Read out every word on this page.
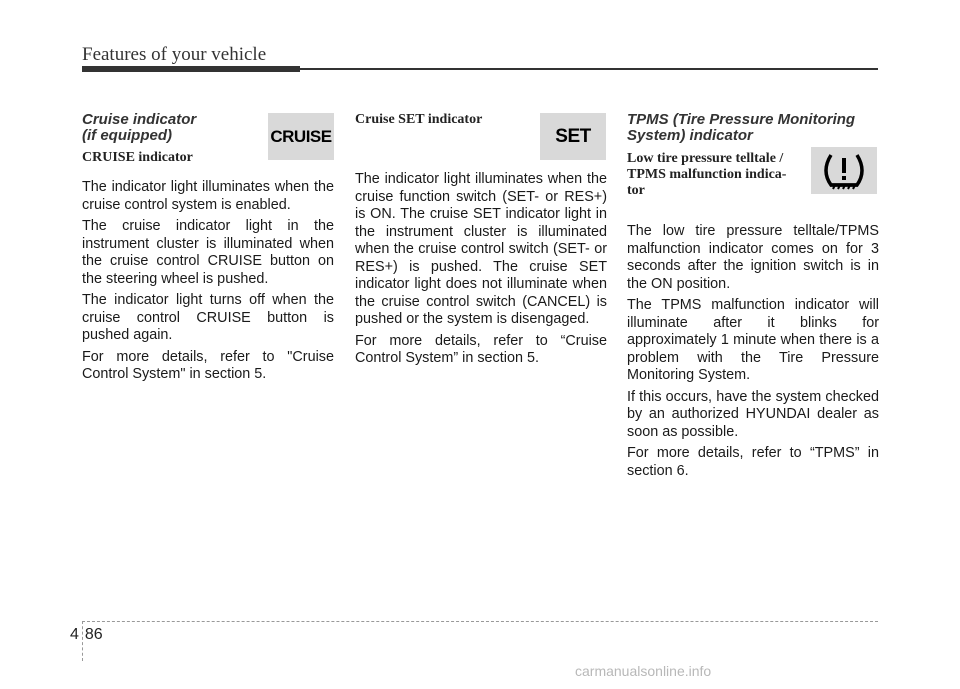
Features of your vehicle
CRUISE	SET
Cruise indicator
(if equipped)
CRUISE indicator

The indicator light illuminates when the cruise control system is enabled.

The cruise indicator light in the instrument cluster is illuminated when the cruise control CRUISE button on the steering wheel is pushed.

The indicator light turns off when the cruise control CRUISE button is pushed again.

For more details, refer to "Cruise Control System" in section 5.

Cruise SET indicator

The indicator light illuminates when the cruise function switch (SET- or RES+) is ON. The cruise SET indicator light in the instrument cluster is illuminated when the cruise control switch (SET- or RES+) is pushed. The cruise SET indicator light does not illuminate when the cruise control switch (CANCEL) is pushed or the system is disengaged.

For more details, refer to “Cruise Control System” in section 5.

TPMS (Tire Pressure Monitoring
System) indicator
Low tire pressure telltale /
TPMS malfunction indica-
tor

The low tire pressure telltale/TPMS malfunction indicator comes on for 3 seconds after the ignition switch is in the ON position.

The TPMS malfunction indicator will illuminate after it blinks for approximately 1 minute when there is a problem with the Tire Pressure Monitoring System.

If this occurs, have the system checked by an authorized HYUNDAI dealer as soon as possible.

For more details, refer to “TPMS” in section 6.

4 86
carmanualsonline.info
